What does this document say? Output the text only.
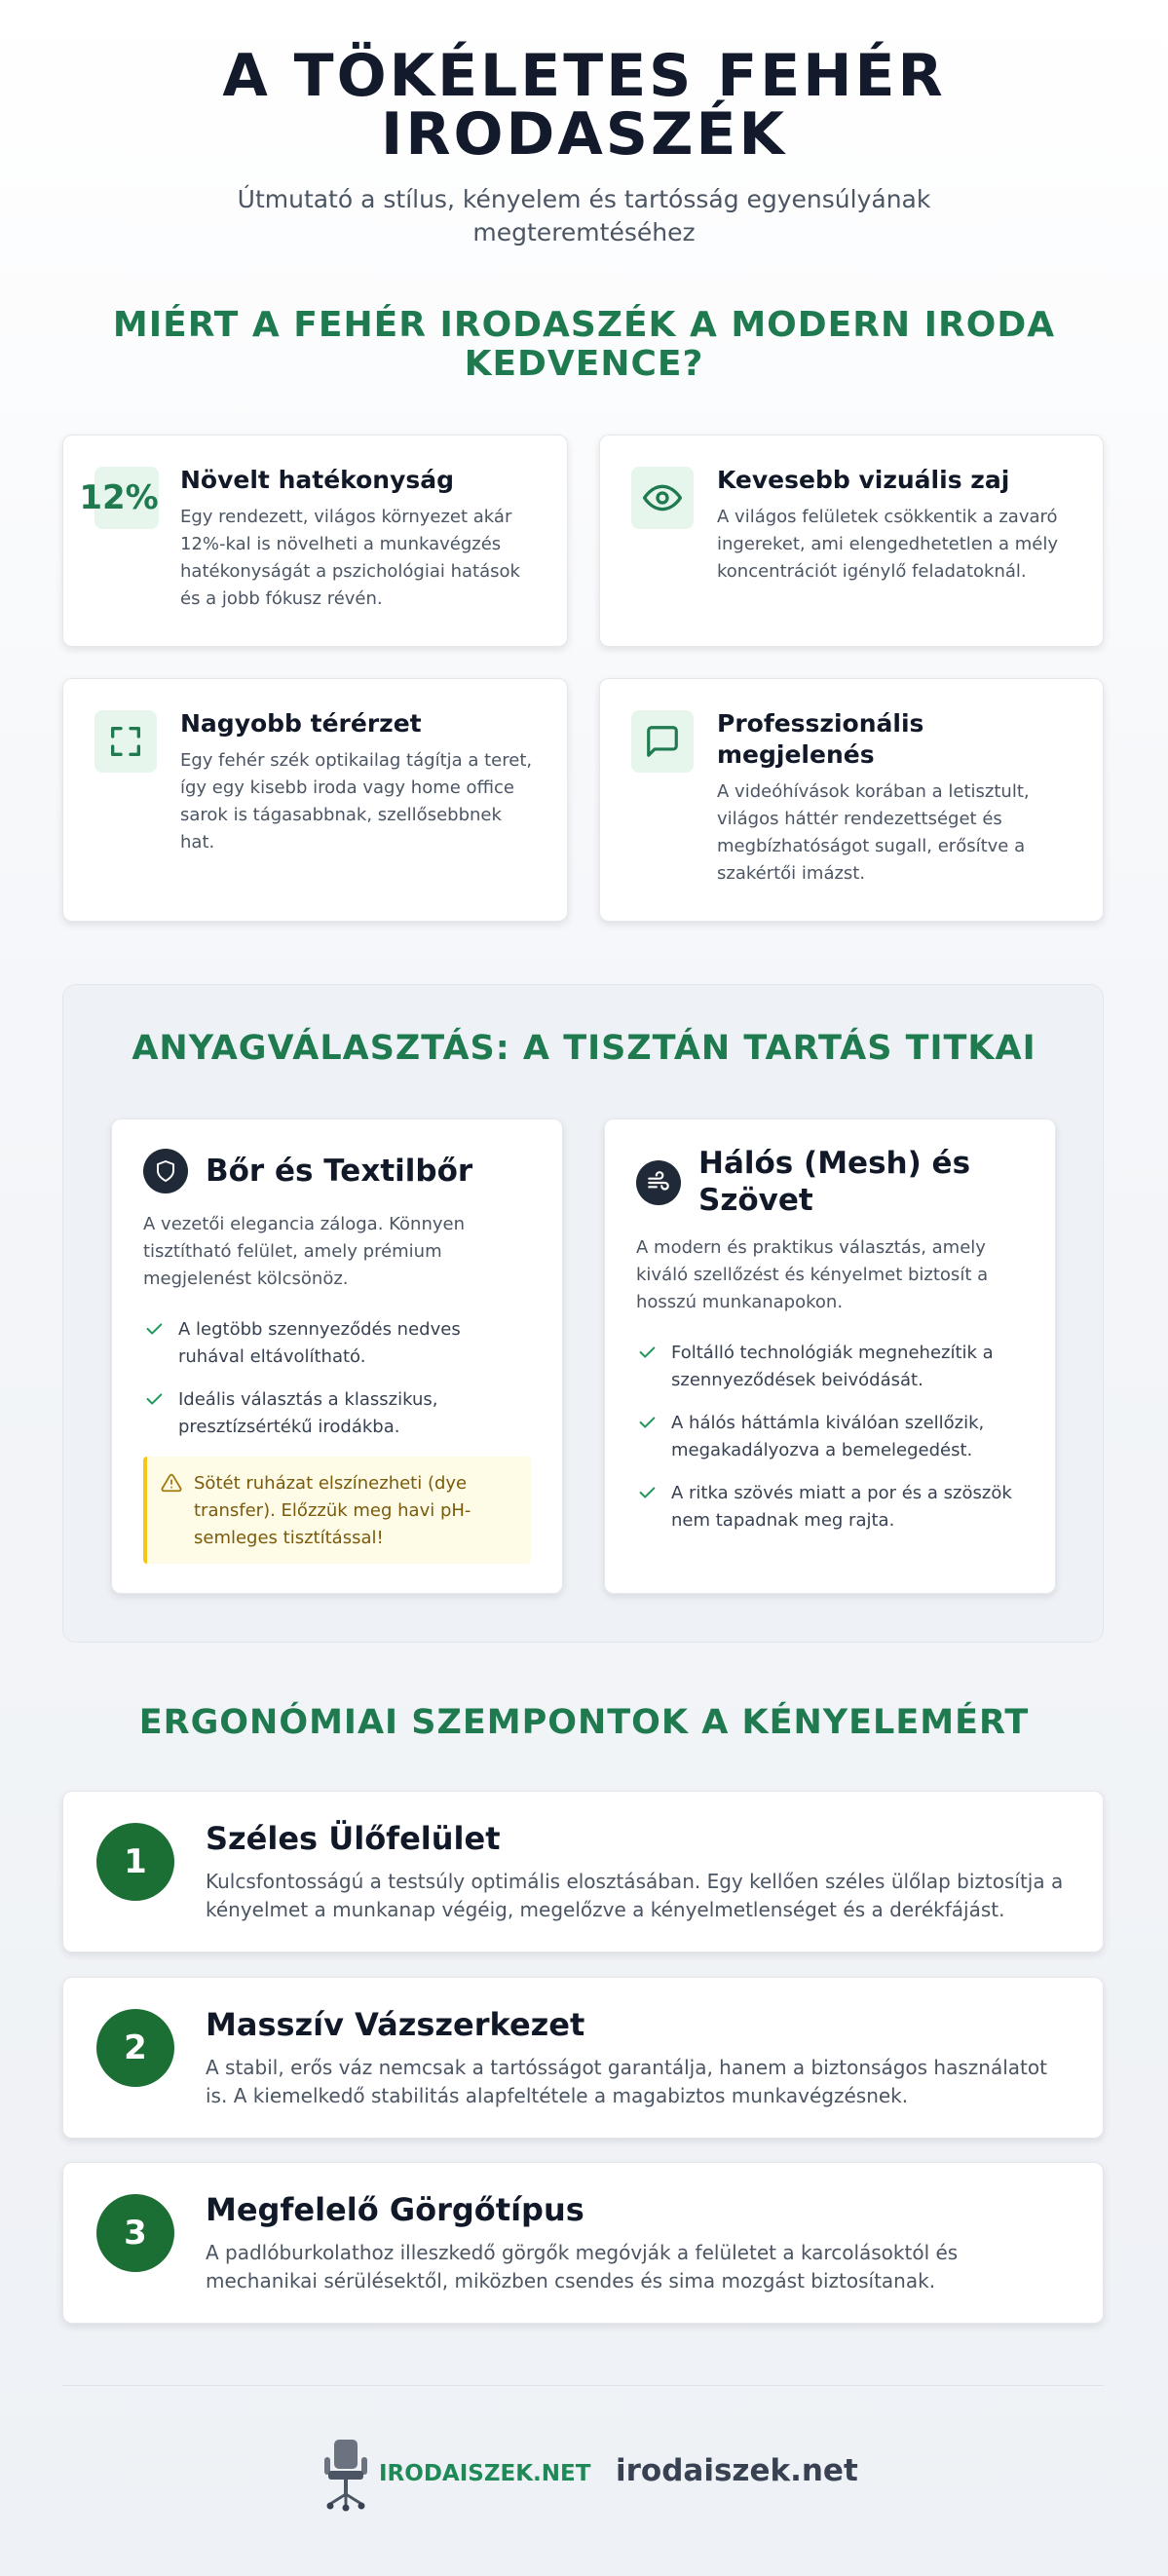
A TÖKÉLETES FEHÉR IRODASZÉK

Útmutató a stílus, kényelem és tartósság egyensúlyának megteremtéséhez

MIÉRT A FEHÉR IRODASZÉK A MODERN IRODA KEDVENCE?
12% Növelt hatékonyság
Egy rendezett, világos környezet akár 12%-kal is növelheti a munkavégzés hatékonyságát a pszichológiai hatások és a jobb fókusz révén.
Kevesebb vizuális zaj
A világos felületek csökkentik a zavaró ingereket, ami elengedhetetlen a mély koncentrációt igénylő feladatoknál.
Nagyobb térérzet
Egy fehér szék optikailag tágítja a teret, így egy kisebb iroda vagy home office sarok is tágasabbnak, szellősebbnek hat.
Professzionális megjelenés
A videóhívások korában a letisztult, világos háttér rendezettséget és megbízhatóságot sugall, erősítve a szakértői imázst.
ANYAGVÁLASZTÁS: A TISZTÁN TARTÁS TITKAI
Bőr és Textilbőr
A vezetői elegancia záloga. Könnyen tisztítható felület, amely prémium megjelenést kölcsönöz.
A legtöbb szennyeződés nedves ruhával eltávolítható.
Ideális választás a klasszikus, presztízsértékű irodákba.
Sötét ruházat elszínezheti (dye transfer). Előzzük meg havi pH-semleges tisztítással!
Hálós (Mesh) és Szövet
A modern és praktikus választás, amely kiváló szellőzést és kényelmet biztosít a hosszú munkanapokon.
Foltálló technológiák megnehezítik a szennyeződések beivódását.
A hálós háttámla kiválóan szellőzik, megakadályozva a bemelegedést.
A ritka szövés miatt a por és a szöszök nem tapadnak meg rajta.
ERGONÓMIAI SZEMPONTOK A KÉNYELEMÉRT
1
Széles Ülőfelület
Kulcsfontosságú a testsúly optimális elosztásában. Egy kellően széles ülőlap biztosítja a kényelmet a munkanap végéig, megelőzve a kényelmetlenséget és a derékfájást.
2
Masszív Vázszerkezet
A stabil, erős váz nemcsak a tartósságot garantálja, hanem a biztonságos használatot is. A kiemelkedő stabilitás alapfeltétele a magabiztos munkavégzésnek.
3
Megfelelő Görgőtípus
A padlóburkolathoz illeszkedő görgők megóvják a felületet a karcolásoktól és mechanikai sérülésektől, miközben csendes és sima mozgást biztosítanak.
IRODAISZEK.NET irodaiszek.net
